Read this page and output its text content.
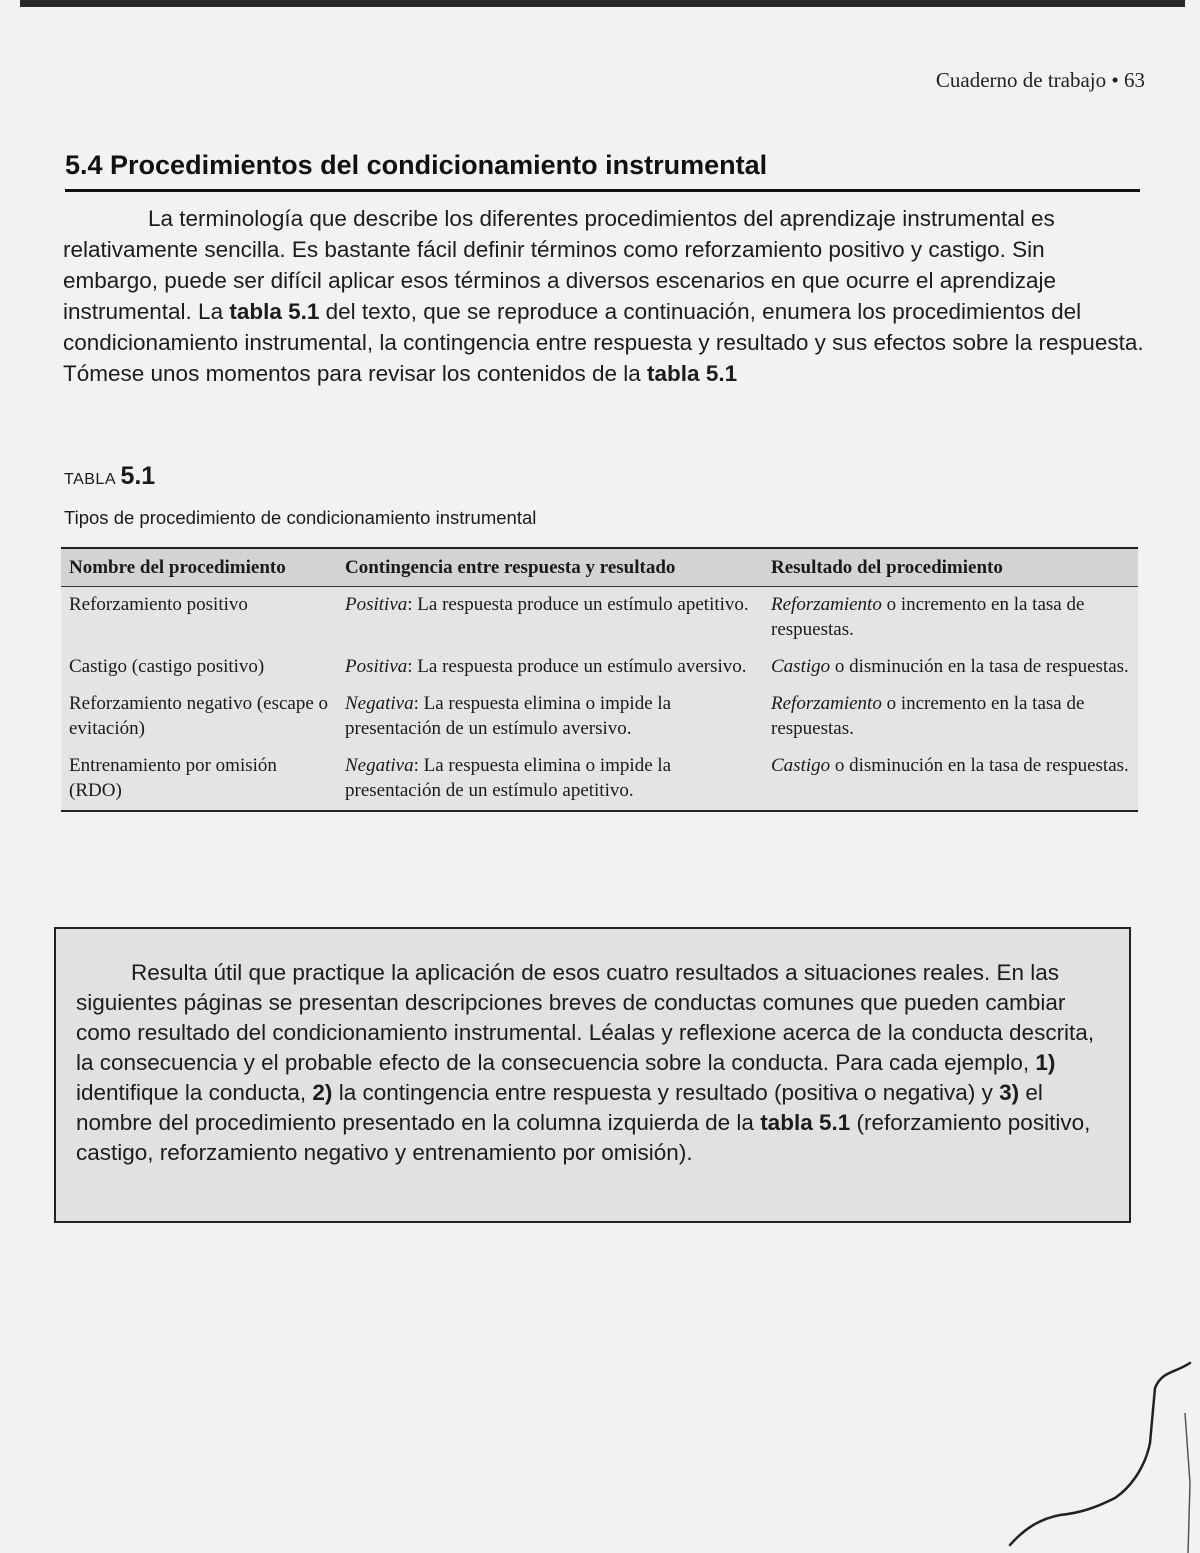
Cuaderno de trabajo • 63
5.4 Procedimientos del condicionamiento instrumental

La terminología que describe los diferentes procedimientos del aprendizaje instrumental es relativamente sencilla. Es bastante fácil definir términos como reforzamiento positivo y castigo. Sin embargo, puede ser difícil aplicar esos términos a diversos escenarios en que ocurre el aprendizaje instrumental. La tabla 5.1 del texto, que se reproduce a continuación, enumera los procedimientos del condicionamiento instrumental, la contingencia entre respuesta y resultado y sus efectos sobre la respuesta. Tómese unos momentos para revisar los contenidos de la tabla 5.1

TABLA 5.1
Tipos de procedimiento de condicionamiento instrumental
Nombre del procedimiento	Contingencia entre respuesta y resultado	Resultado del procedimiento
Reforzamiento positivo	Positiva: La respuesta produce un estímulo apetitivo.	Reforzamiento o incremento en la tasa de respuestas.
Castigo (castigo positivo)	Positiva: La respuesta produce un estímulo aversivo.	Castigo o disminución en la tasa de respuestas.
Reforzamiento negativo (escape o evitación)	Negativa: La respuesta elimina o impide la presentación de un estímulo aversivo.	Reforzamiento o incremento en la tasa de respuestas.
Entrenamiento por omisión (RDO)	Negativa: La respuesta elimina o impide la presentación de un estímulo apetitivo.	Castigo o disminución en la tasa de respuestas.

Resulta útil que practique la aplicación de esos cuatro resultados a situaciones reales. En las siguientes páginas se presentan descripciones breves de conductas comunes que pueden cambiar como resultado del condicionamiento instrumental. Léalas y reflexione acerca de la conducta descrita, la consecuencia y el probable efecto de la consecuencia sobre la conducta. Para cada ejemplo, 1) identifique la conducta, 2) la contingencia entre respuesta y resultado (positiva o negativa) y 3) el nombre del procedimiento presentado en la columna izquierda de la tabla 5.1 (reforzamiento positivo, castigo, reforzamiento negativo y entrenamiento por omisión).
